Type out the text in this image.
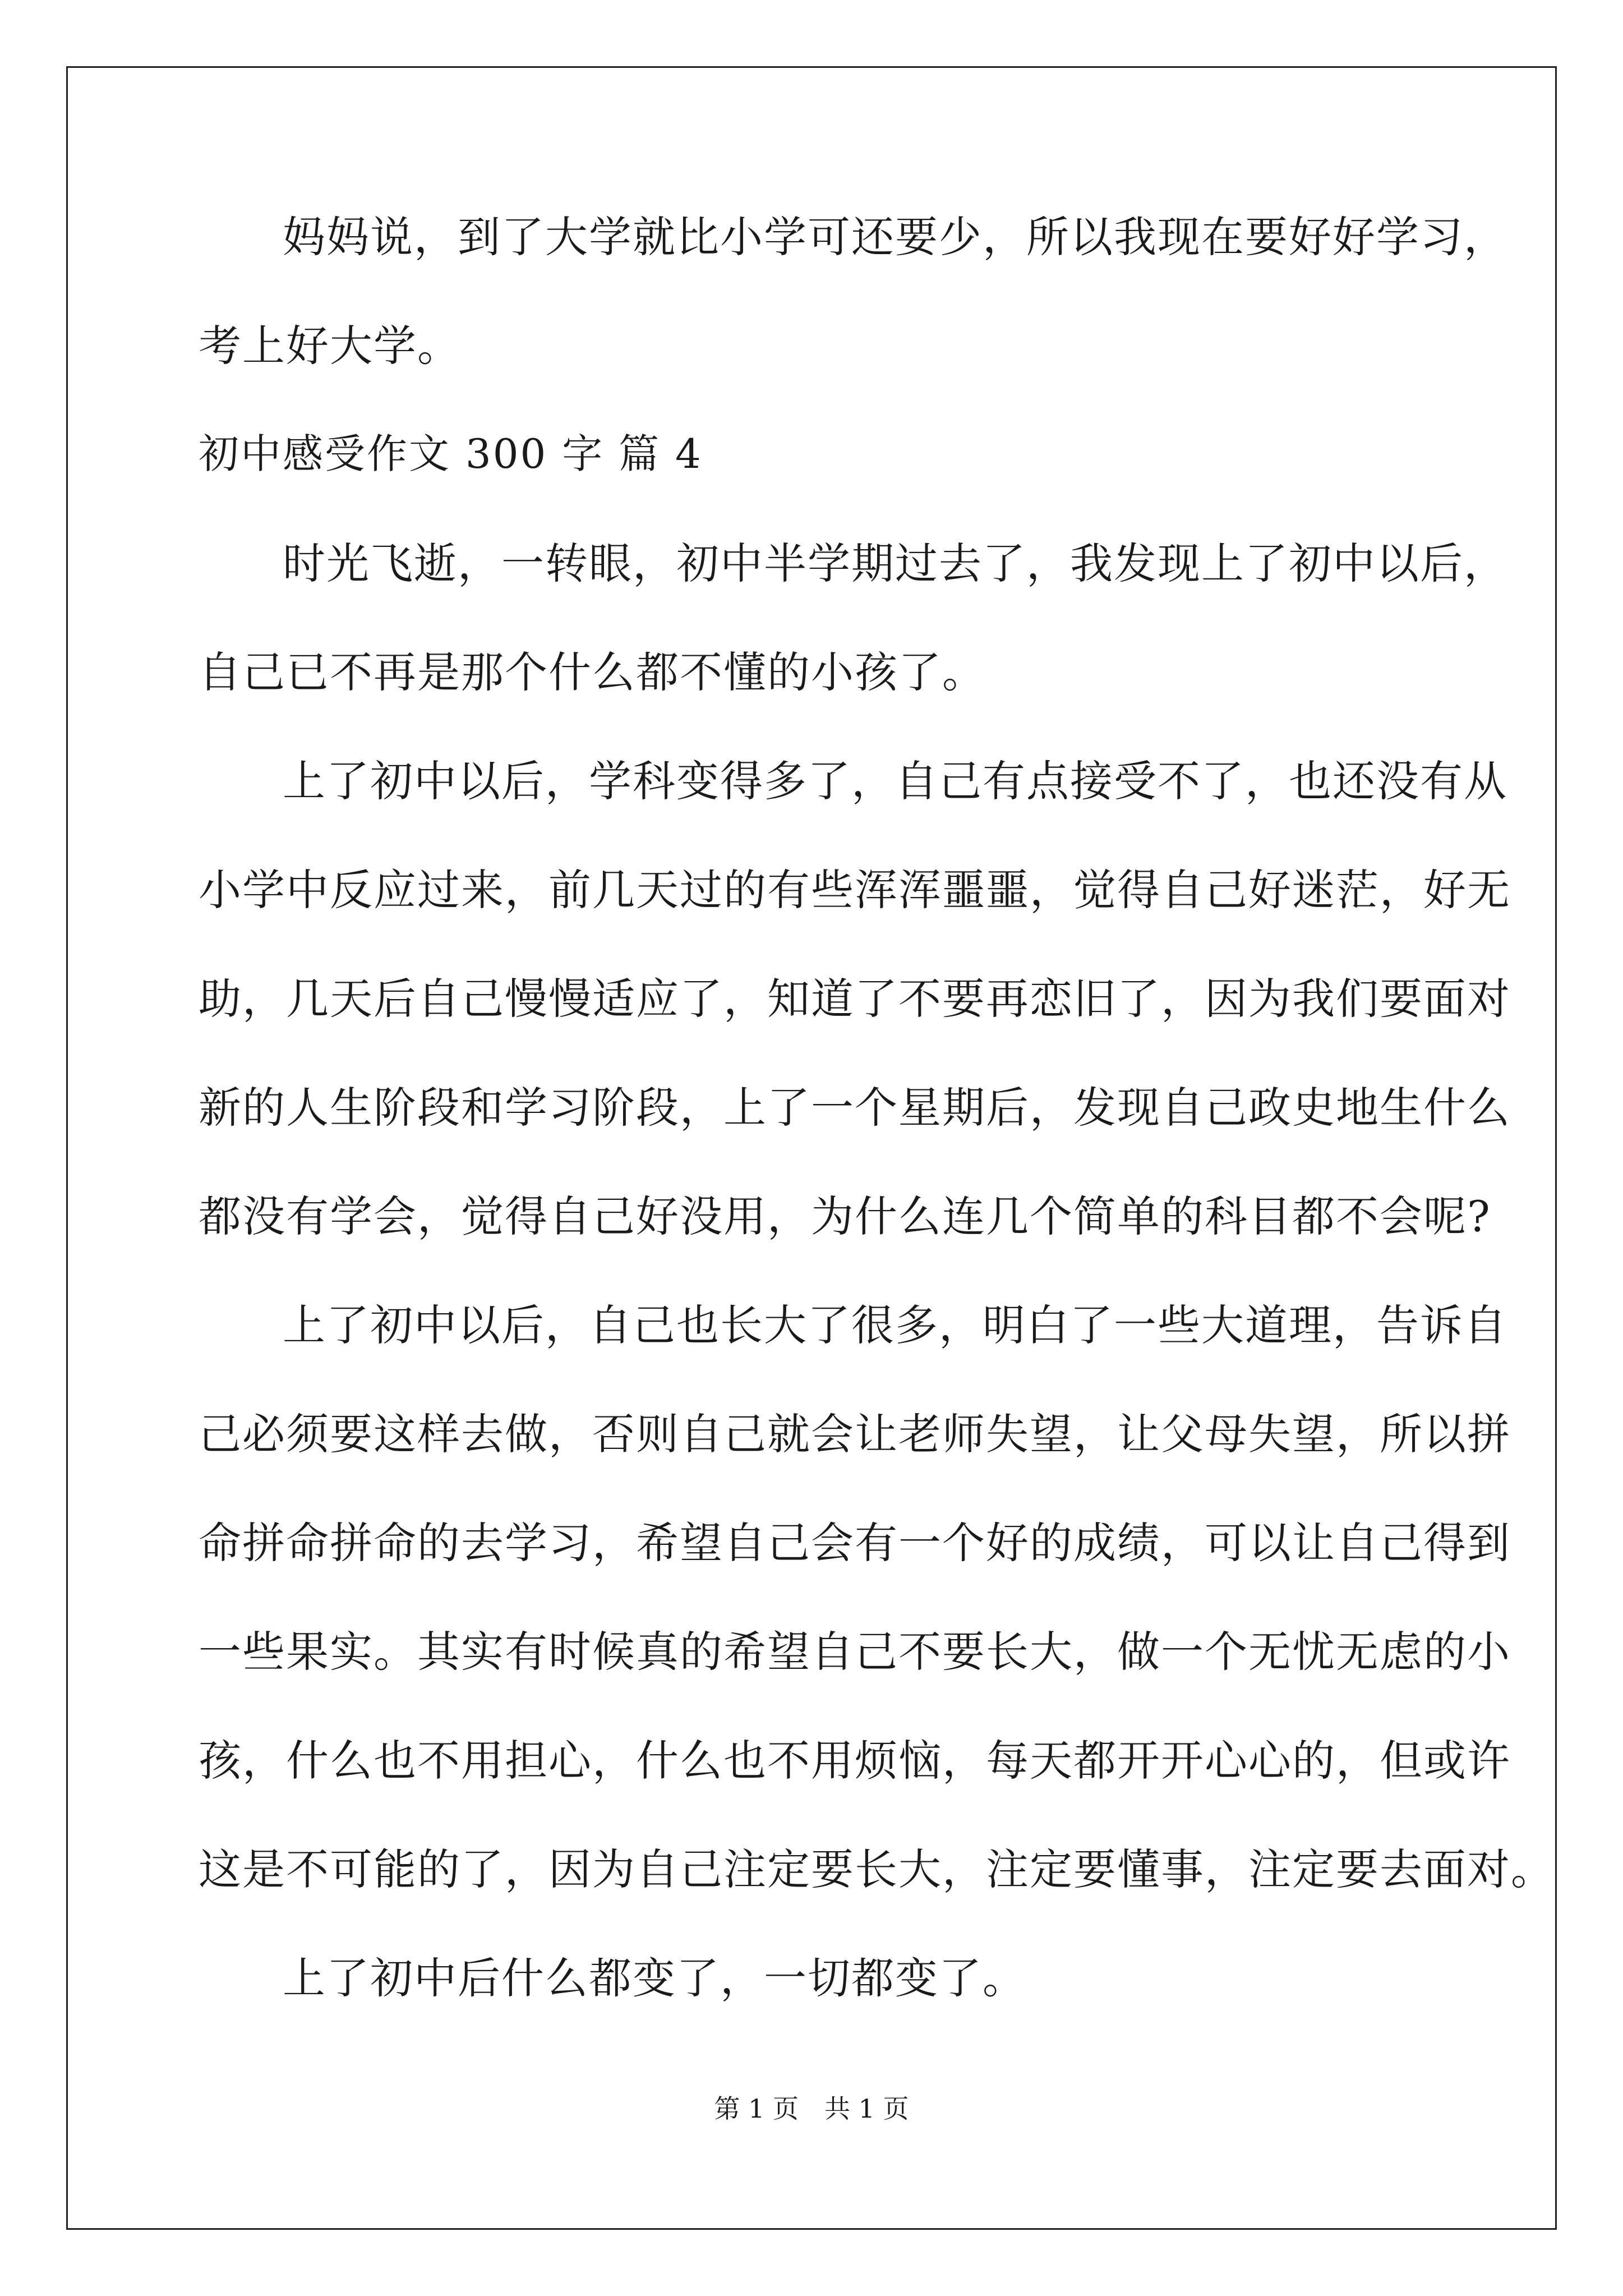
妈妈说，到了大学就比小学可还要少，所以我现在要好好学习，
考上好大学。
初中感受作文 300 字 篇 4
时光飞逝，一转眼，初中半学期过去了，我发现上了初中以后，
自己已不再是那个什么都不懂的小孩了。
上了初中以后，学科变得多了，自己有点接受不了，也还没有从
小学中反应过来，前几天过的有些浑浑噩噩，觉得自己好迷茫，好无
助，几天后自己慢慢适应了，知道了不要再恋旧了，因为我们要面对
新的人生阶段和学习阶段，上了一个星期后，发现自己政史地生什么
都没有学会，觉得自己好没用，为什么连几个简单的科目都不会呢?
上了初中以后，自己也长大了很多，明白了一些大道理，告诉自
己必须要这样去做，否则自己就会让老师失望，让父母失望，所以拼
命拼命拼命的去学习，希望自己会有一个好的成绩，可以让自己得到
一些果实。其实有时候真的希望自己不要长大，做一个无忧无虑的小
孩，什么也不用担心，什么也不用烦恼，每天都开开心心的，但或许
这是不可能的了，因为自己注定要长大，注定要懂事，注定要去面对。
上了初中后什么都变了，一切都变了。
第 1 页 共 1 页
